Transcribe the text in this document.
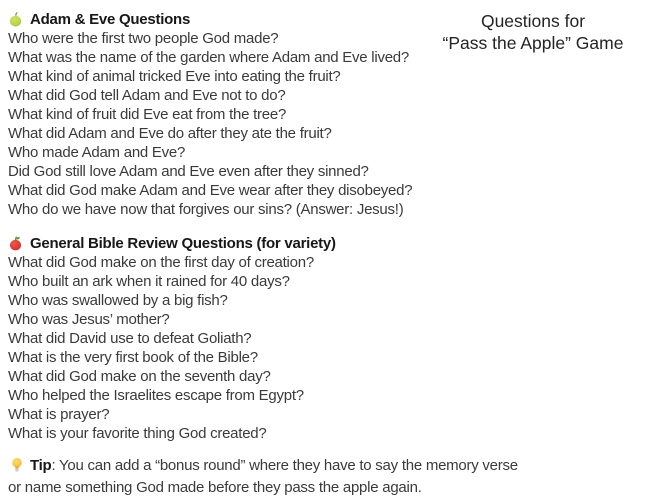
Adam & Eve Questions
Who were the first two people God made?
What was the name of the garden where Adam and Eve lived?
What kind of animal tricked Eve into eating the fruit?
What did God tell Adam and Eve not to do?
What kind of fruit did Eve eat from the tree?
What did Adam and Eve do after they ate the fruit?
Who made Adam and Eve?
Did God still love Adam and Eve even after they sinned?
What did God make Adam and Eve wear after they disobeyed?
Who do we have now that forgives our sins? (Answer: Jesus!)
General Bible Review Questions (for variety)
What did God make on the first day of creation?
Who built an ark when it rained for 40 days?
Who was swallowed by a big fish?
Who was Jesus’ mother?
What did David use to defeat Goliath?
What is the very first book of the Bible?
What did God make on the seventh day?
Who helped the Israelites escape from Egypt?
What is prayer?
What is your favorite thing God created?
Tip: You can add a “bonus round” where they have to say the memory verse
or name something God made before they pass the apple again.
Questions for
“Pass the Apple” Game
